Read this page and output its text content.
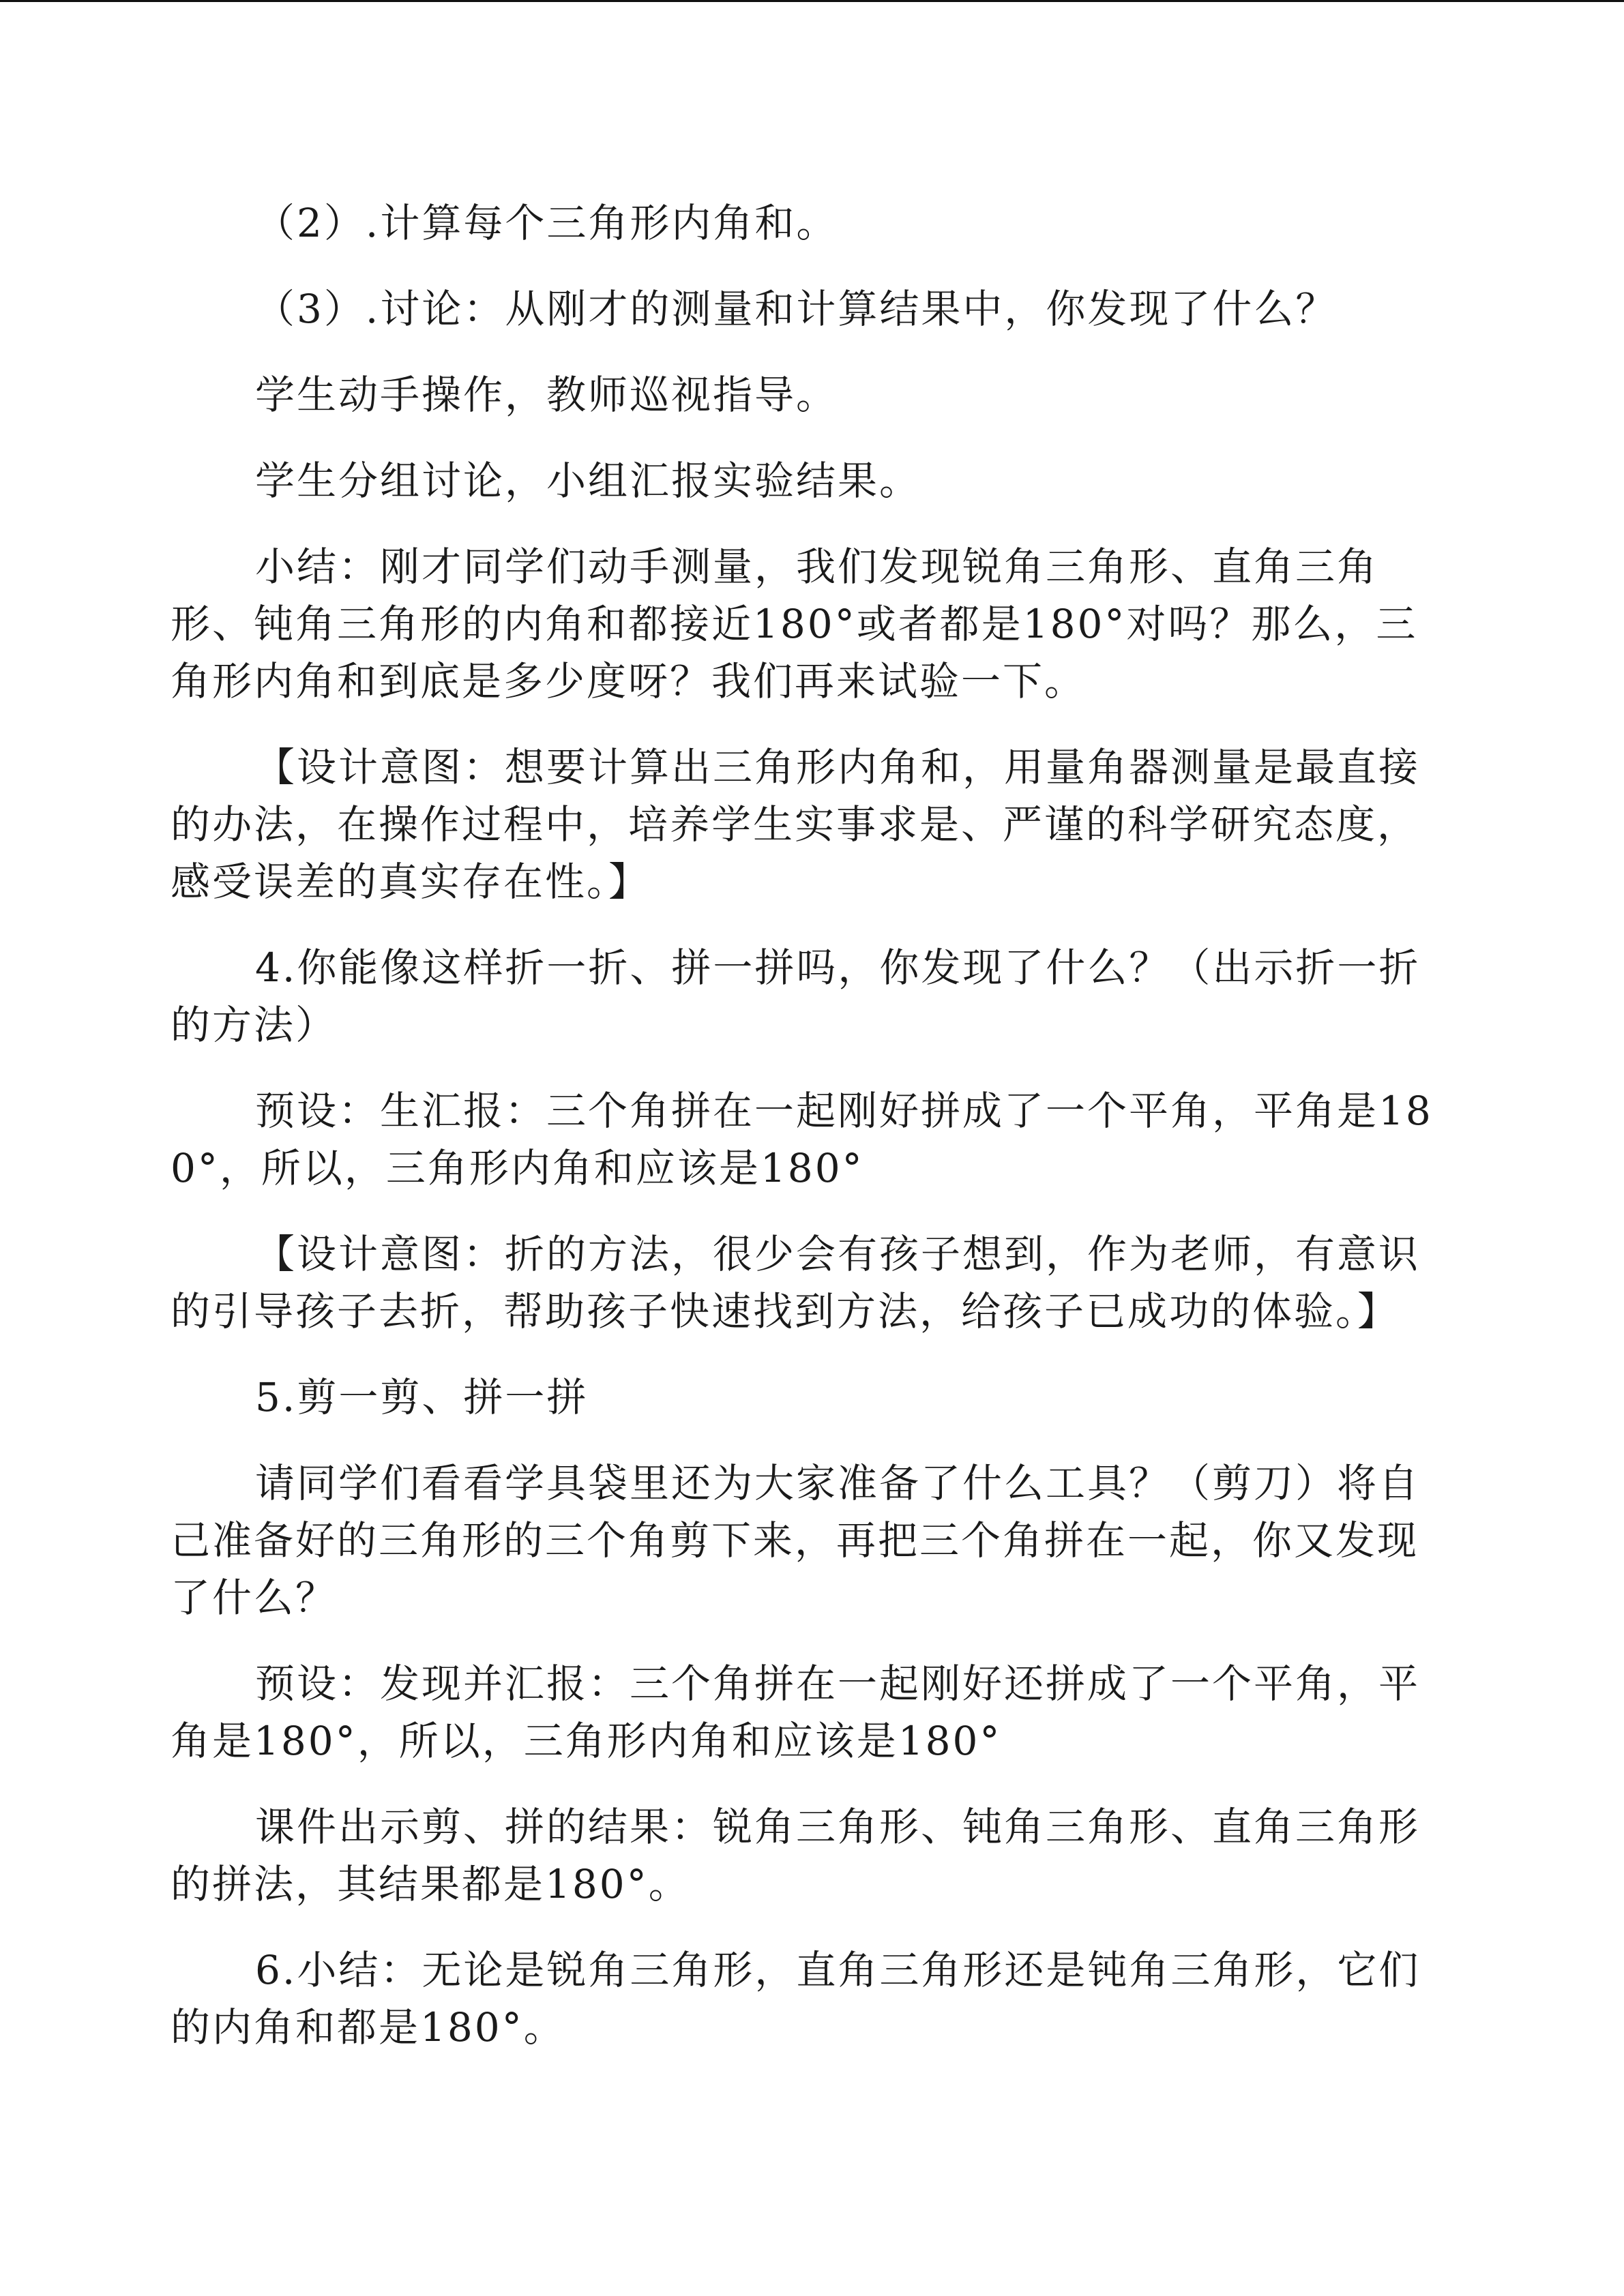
（2）.计算每个三角形内角和。

（3）.讨论：从刚才的测量和计算结果中，你发现了什么？

学生动手操作，教师巡视指导。

学生分组讨论，小组汇报实验结果。

小结：刚才同学们动手测量，我们发现锐角三角形、直角三角形、钝角三角形的内角和都接近180°或者都是180°对吗？那么，三角形内角和到底是多少度呀？我们再来试验一下。

【设计意图：想要计算出三角形内角和，用量角器测量是最直接的办法，在操作过程中，培养学生实事求是、严谨的科学研究态度，感受误差的真实存在性。】

4.你能像这样折一折、拼一拼吗，你发现了什么？（出示折一折的方法）

预设：生汇报：三个角拼在一起刚好拼成了一个平角，平角是180°，所以，三角形内角和应该是180°

【设计意图：折的方法，很少会有孩子想到，作为老师，有意识的引导孩子去折，帮助孩子快速找到方法，给孩子已成功的体验。】

5.剪一剪、拼一拼

请同学们看看学具袋里还为大家准备了什么工具？（剪刀）将自己准备好的三角形的三个角剪下来，再把三个角拼在一起，你又发现了什么？

预设：发现并汇报：三个角拼在一起刚好还拼成了一个平角，平角是180°，所以，三角形内角和应该是180°

课件出示剪、拼的结果：锐角三角形、钝角三角形、直角三角形的拼法，其结果都是180°。

6.小结：无论是锐角三角形，直角三角形还是钝角三角形，它们的内角和都是180°。
